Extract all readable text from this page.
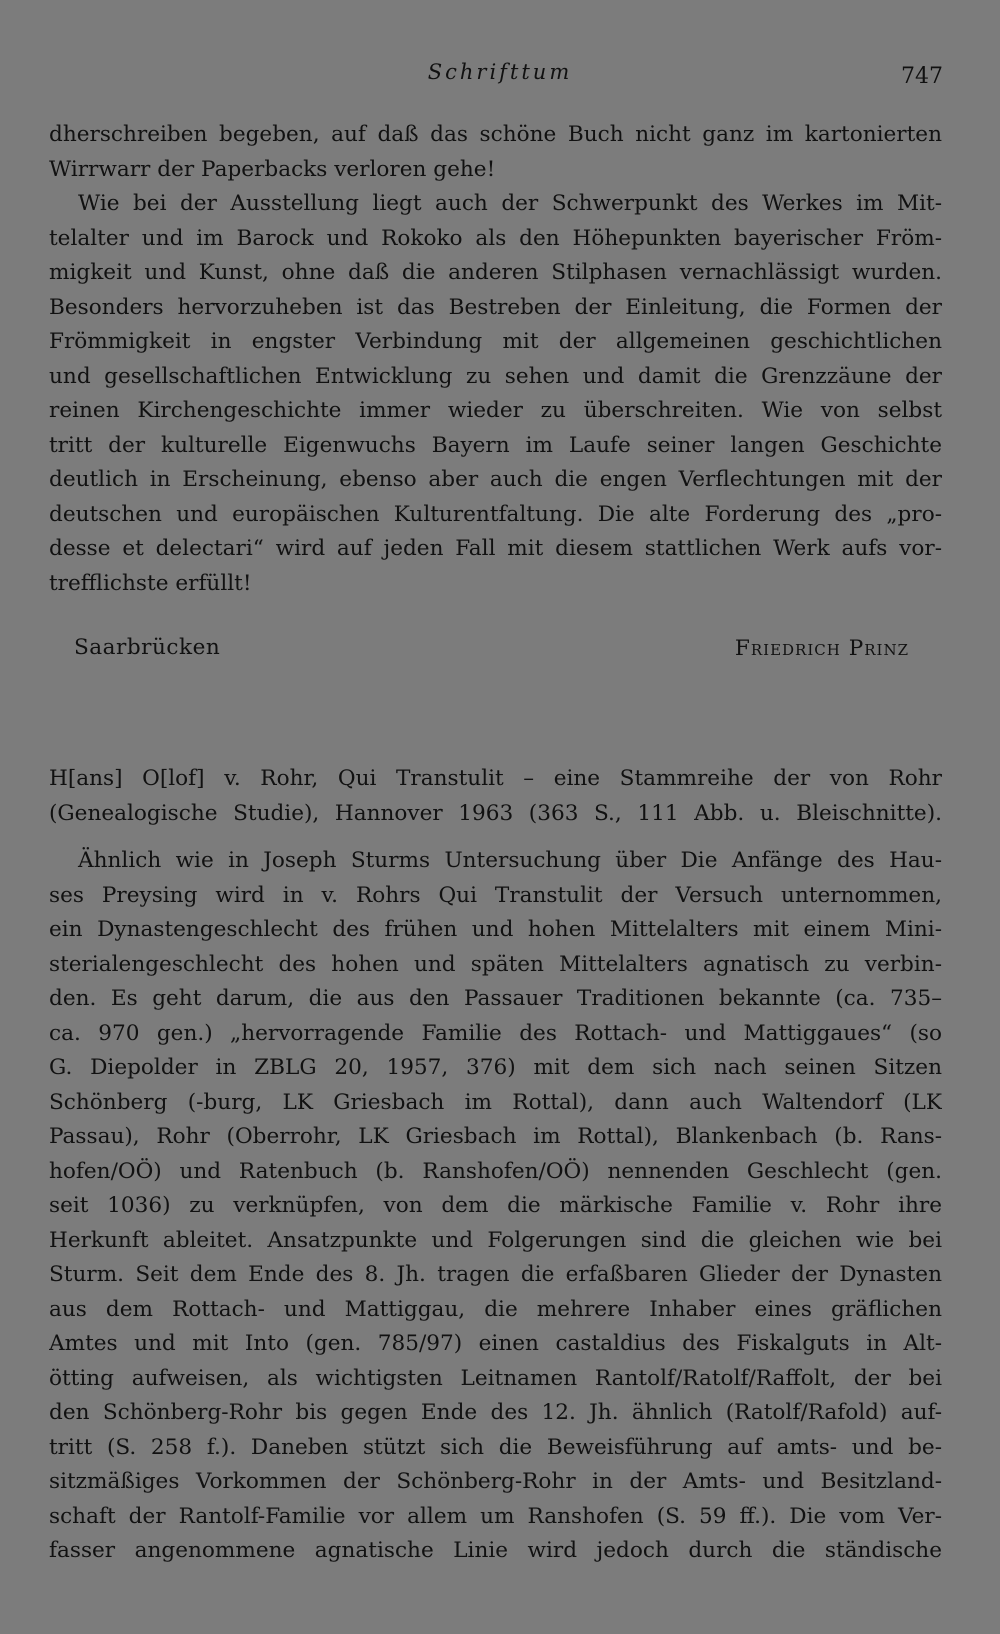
Schrifttum	747
dherschreiben begeben, auf daß das schöne Buch nicht ganz im kartonierten
Wirrwarr der Paperbacks verloren gehe!
Wie bei der Ausstellung liegt auch der Schwerpunkt des Werkes im Mit-
telalter und im Barock und Rokoko als den Höhepunkten bayerischer Fröm-
migkeit und Kunst, ohne daß die anderen Stilphasen vernachlässigt wurden.
Besonders hervorzuheben ist das Bestreben der Einleitung, die Formen der
Frömmigkeit in engster Verbindung mit der allgemeinen geschichtlichen
und gesellschaftlichen Entwicklung zu sehen und damit die Grenzzäune der
reinen Kirchengeschichte immer wieder zu überschreiten. Wie von selbst
tritt der kulturelle Eigenwuchs Bayern im Laufe seiner langen Geschichte
deutlich in Erscheinung, ebenso aber auch die engen Verflechtungen mit der
deutschen und europäischen Kulturentfaltung. Die alte Forderung des „pro-
desse et delectari“ wird auf jeden Fall mit diesem stattlichen Werk aufs vor-
trefflichste erfüllt!
Saarbrücken	Friedrich Prinz
H[ans] O[lof] v. Rohr, Qui Transtulit – eine Stammreihe der von Rohr
(Genealogische Studie), Hannover 1963 (363 S., 111 Abb. u. Bleischnitte).
Ähnlich wie in Joseph Sturms Untersuchung über Die Anfänge des Hau-
ses Preysing wird in v. Rohrs Qui Transtulit der Versuch unternommen,
ein Dynastengeschlecht des frühen und hohen Mittelalters mit einem Mini-
sterialengeschlecht des hohen und späten Mittelalters agnatisch zu verbin-
den. Es geht darum, die aus den Passauer Traditionen bekannte (ca. 735–
ca. 970 gen.) „hervorragende Familie des Rottach- und Mattiggaues“ (so
G. Diepolder in ZBLG 20, 1957, 376) mit dem sich nach seinen Sitzen
Schönberg (-burg, LK Griesbach im Rottal), dann auch Waltendorf (LK
Passau), Rohr (Oberrohr, LK Griesbach im Rottal), Blankenbach (b. Rans-
hofen/OÖ) und Ratenbuch (b. Ranshofen/OÖ) nennenden Geschlecht (gen.
seit 1036) zu verknüpfen, von dem die märkische Familie v. Rohr ihre
Herkunft ableitet. Ansatzpunkte und Folgerungen sind die gleichen wie bei
Sturm. Seit dem Ende des 8. Jh. tragen die erfaßbaren Glieder der Dynasten
aus dem Rottach- und Mattiggau, die mehrere Inhaber eines gräflichen
Amtes und mit Into (gen. 785/97) einen castaldius des Fiskalguts in Alt-
ötting aufweisen, als wichtigsten Leitnamen Rantolf/Ratolf/Raffolt, der bei
den Schönberg-Rohr bis gegen Ende des 12. Jh. ähnlich (Ratolf/Rafold) auf-
tritt (S. 258 f.). Daneben stützt sich die Beweisführung auf amts- und be-
sitzmäßiges Vorkommen der Schönberg-Rohr in der Amts- und Besitzland-
schaft der Rantolf-Familie vor allem um Ranshofen (S. 59 ff.). Die vom Ver-
fasser angenommene agnatische Linie wird jedoch durch die ständische
